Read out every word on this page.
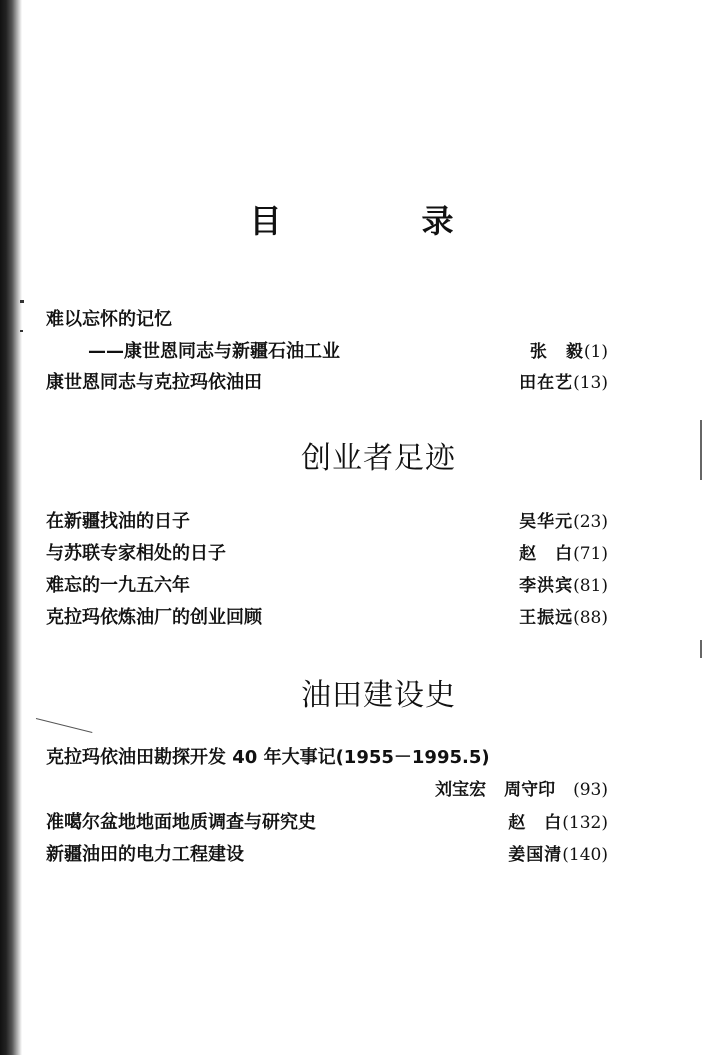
目　录
难以忘怀的记忆
——康世恩同志与新疆石油工业	张　毅(1)
康世恩同志与克拉玛依油田	田在艺(13)
创业者足迹
在新疆找油的日子	吴华元(23)
与苏联专家相处的日子	赵　白(71)
难忘的一九五六年	李洪宾(81)
克拉玛依炼油厂的创业回顾	王振远(88)
油田建设史
克拉玛依油田勘探开发 40 年大事记(1955－1995.5)
刘宝宏 周守印 (93)
准噶尔盆地地面地质调查与研究史	赵　白(132)
新疆油田的电力工程建设	姜国清(140)
